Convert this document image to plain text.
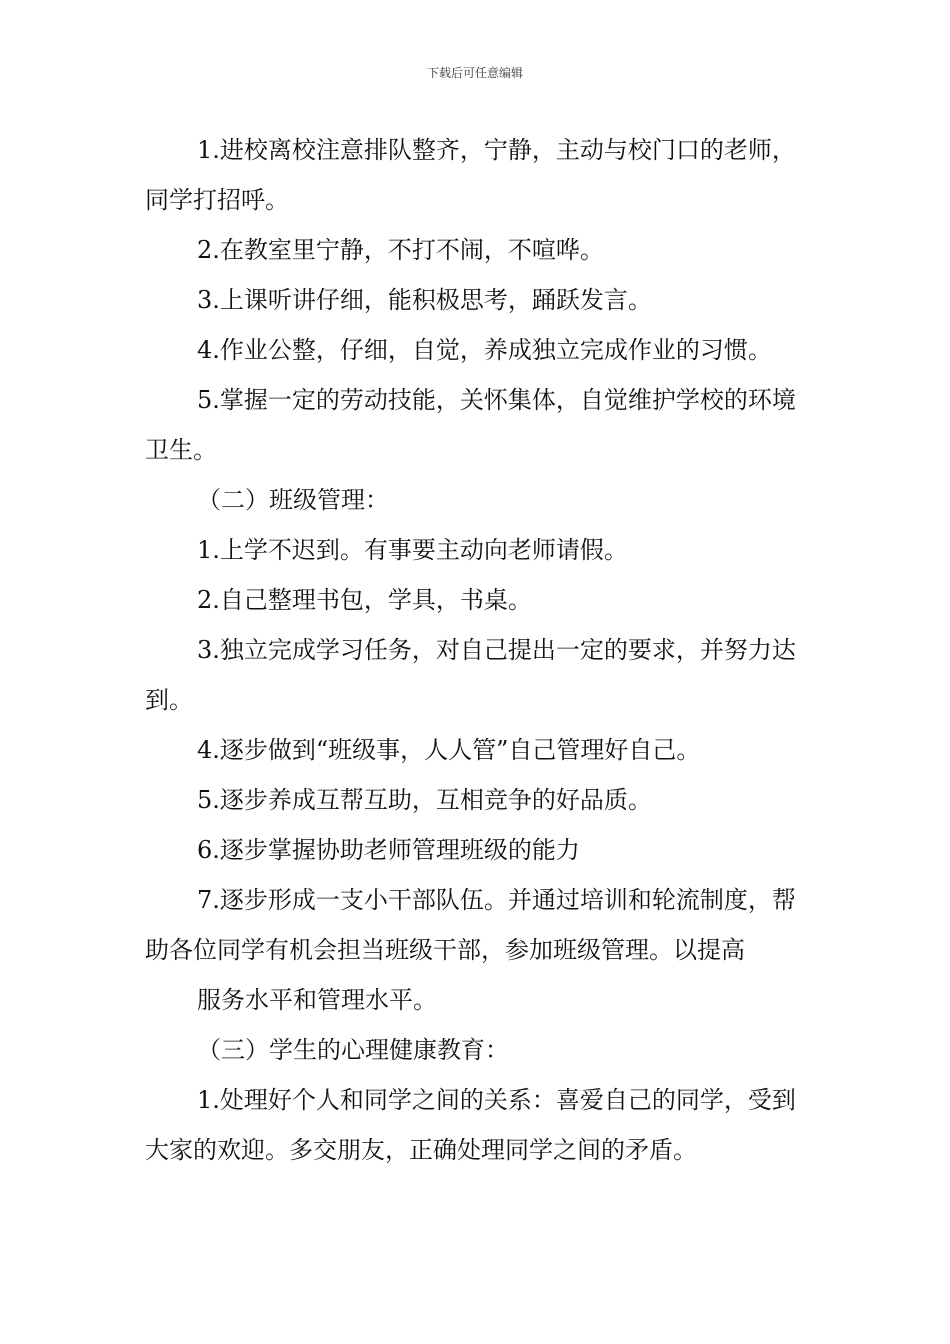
下载后可任意编辑

1.进校离校注意排队整齐，宁静，主动与校门口的老师，同学打招呼。

2.在教室里宁静，不打不闹，不喧哗。

3.上课听讲仔细，能积极思考，踊跃发言。

4.作业公整，仔细，自觉，养成独立完成作业的习惯。

5.掌握一定的劳动技能，关怀集体，自觉维护学校的环境卫生。

（二）班级管理：

1.上学不迟到。有事要主动向老师请假。

2.自己整理书包，学具，书桌。

3.独立完成学习任务，对自己提出一定的要求，并努力达到。

4.逐步做到“班级事，人人管”自己管理好自己。

5.逐步养成互帮互助，互相竞争的好品质。

6.逐步掌握协助老师管理班级的能力

7.逐步形成一支小干部队伍。并通过培训和轮流制度，帮助各位同学有机会担当班级干部，参加班级管理。以提高

服务水平和管理水平。

（三）学生的心理健康教育：

1.处理好个人和同学之间的关系：喜爱自己的同学，受到大家的欢迎。多交朋友，正确处理同学之间的矛盾。
